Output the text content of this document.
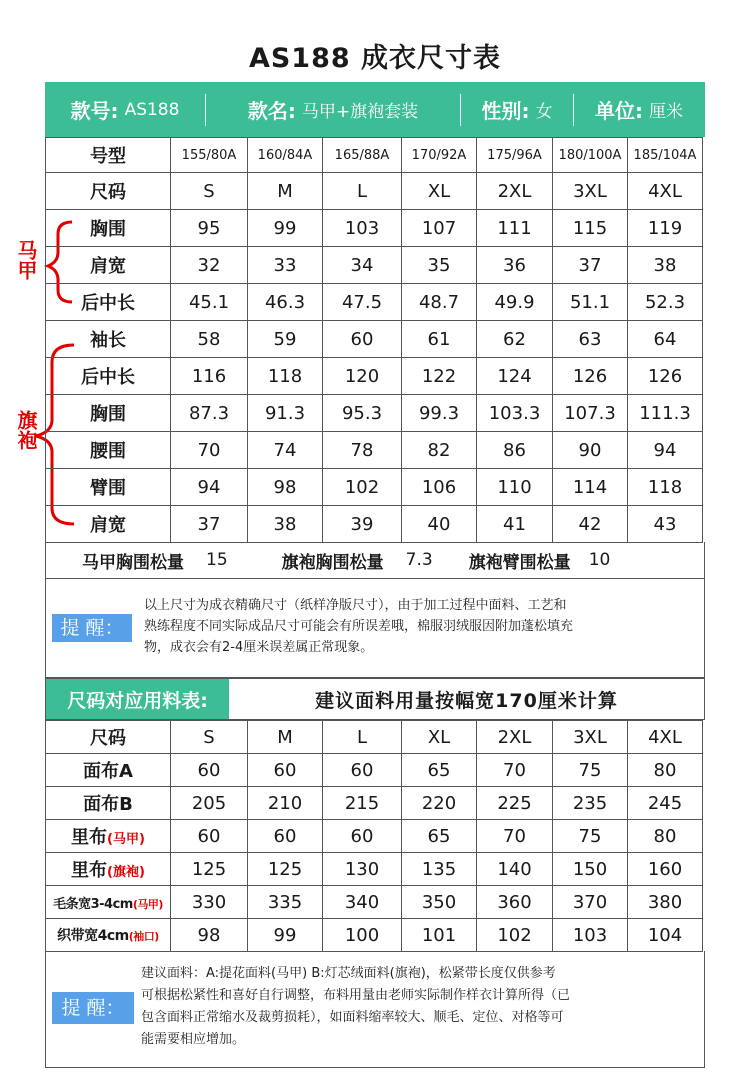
AS188 成衣尺寸表
款号: AS188	款名: 马甲+旗袍套装	性别: 女 单位: 厘米
马甲
旗袍
号型	155/80A	160/84A	165/88A	170/92A	175/96A	180/100A	185/104A
尺码	S	M	L	XL	2XL	3XL	4XL
胸围	95	99	103	107	111	115	119
肩宽	32	33	34	35	36	37	38
后中长	45.1	46.3	47.5	48.7	49.9	51.1	52.3
袖长	58	59	60	61	62	63	64
后中长	116	118	120	122	124	126	126
胸围	87.3	91.3	95.3	99.3	103.3	107.3	111.3
腰围	70	74	78	82	86	90	94
臂围	94	98	102	106	110	114	118
肩宽	37	38	39	40	41	42	43
马甲胸围松量 15	旗袍胸围松量 7.3 旗袍臂围松量 10
提 醒：
以上尺寸为成衣精确尺寸（纸样净版尺寸），由于加工过程中面料、工艺和
熟练程度不同实际成品尺寸可能会有所误差哦，棉服羽绒服因附加蓬松填充
物，成衣会有2-4厘米误差属正常现象。
尺码对应用料表:	建议面料用量按幅宽170厘米计算
尺码	S	M	L	XL	2XL	3XL	4XL
面布A	60	60	60	65	70	75	80
面布B	205	210	215	220	225	235	245
里布(马甲)	60	60	60	65	70	75	80
里布(旗袍)	125	125	130	135	140	150	160
毛条宽3-4cm(马甲)	330	335	340	350	360	370	380
织带宽4cm(袖口)	98	99	100	101	102	103	104
提 醒：
建议面料：A:提花面料(马甲) B:灯芯绒面料(旗袍)，松紧带长度仅供参考
可根据松紧性和喜好自行调整，布料用量由老师实际制作样衣计算所得（已
包含面料正常缩水及裁剪损耗），如面料缩率较大、顺毛、定位、对格等可
能需要相应增加。
